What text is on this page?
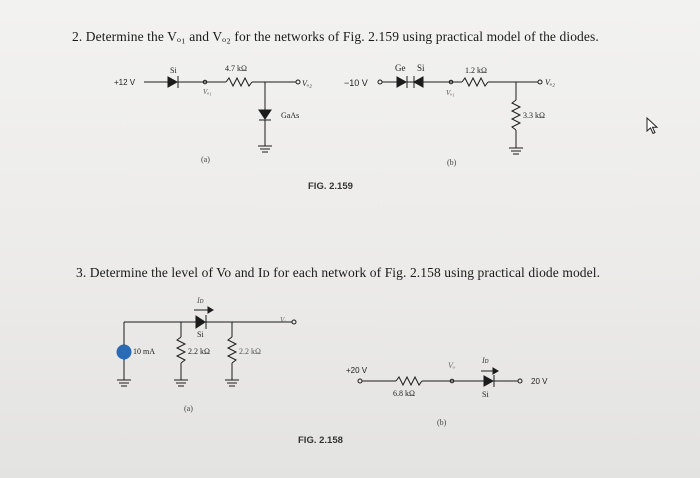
2. Determine the Vₒ₁ and Vₒ₂ for the networks of Fig. 2.159 using practical model of the diodes.
3. Determine the level of Vo and Iᴅ for each network of Fig. 2.158 using practical diode model.
Si	4.7 kΩ
+12 V
Vₒ₁
Vₒ₂
GaAs
(a)
Ge Si	1.2 kΩ
−10 V
Vₒ₁
Vₒ₂
3.3 kΩ
(b)
FIG. 2.159
10 mA	2.2 kΩ	2.2 kΩ
Si
Iᴅ
Vₒ
(a)
+20 V
6.8 kΩ
Vₒ
Iᴅ
Si
20 V
(b)
FIG. 2.158
